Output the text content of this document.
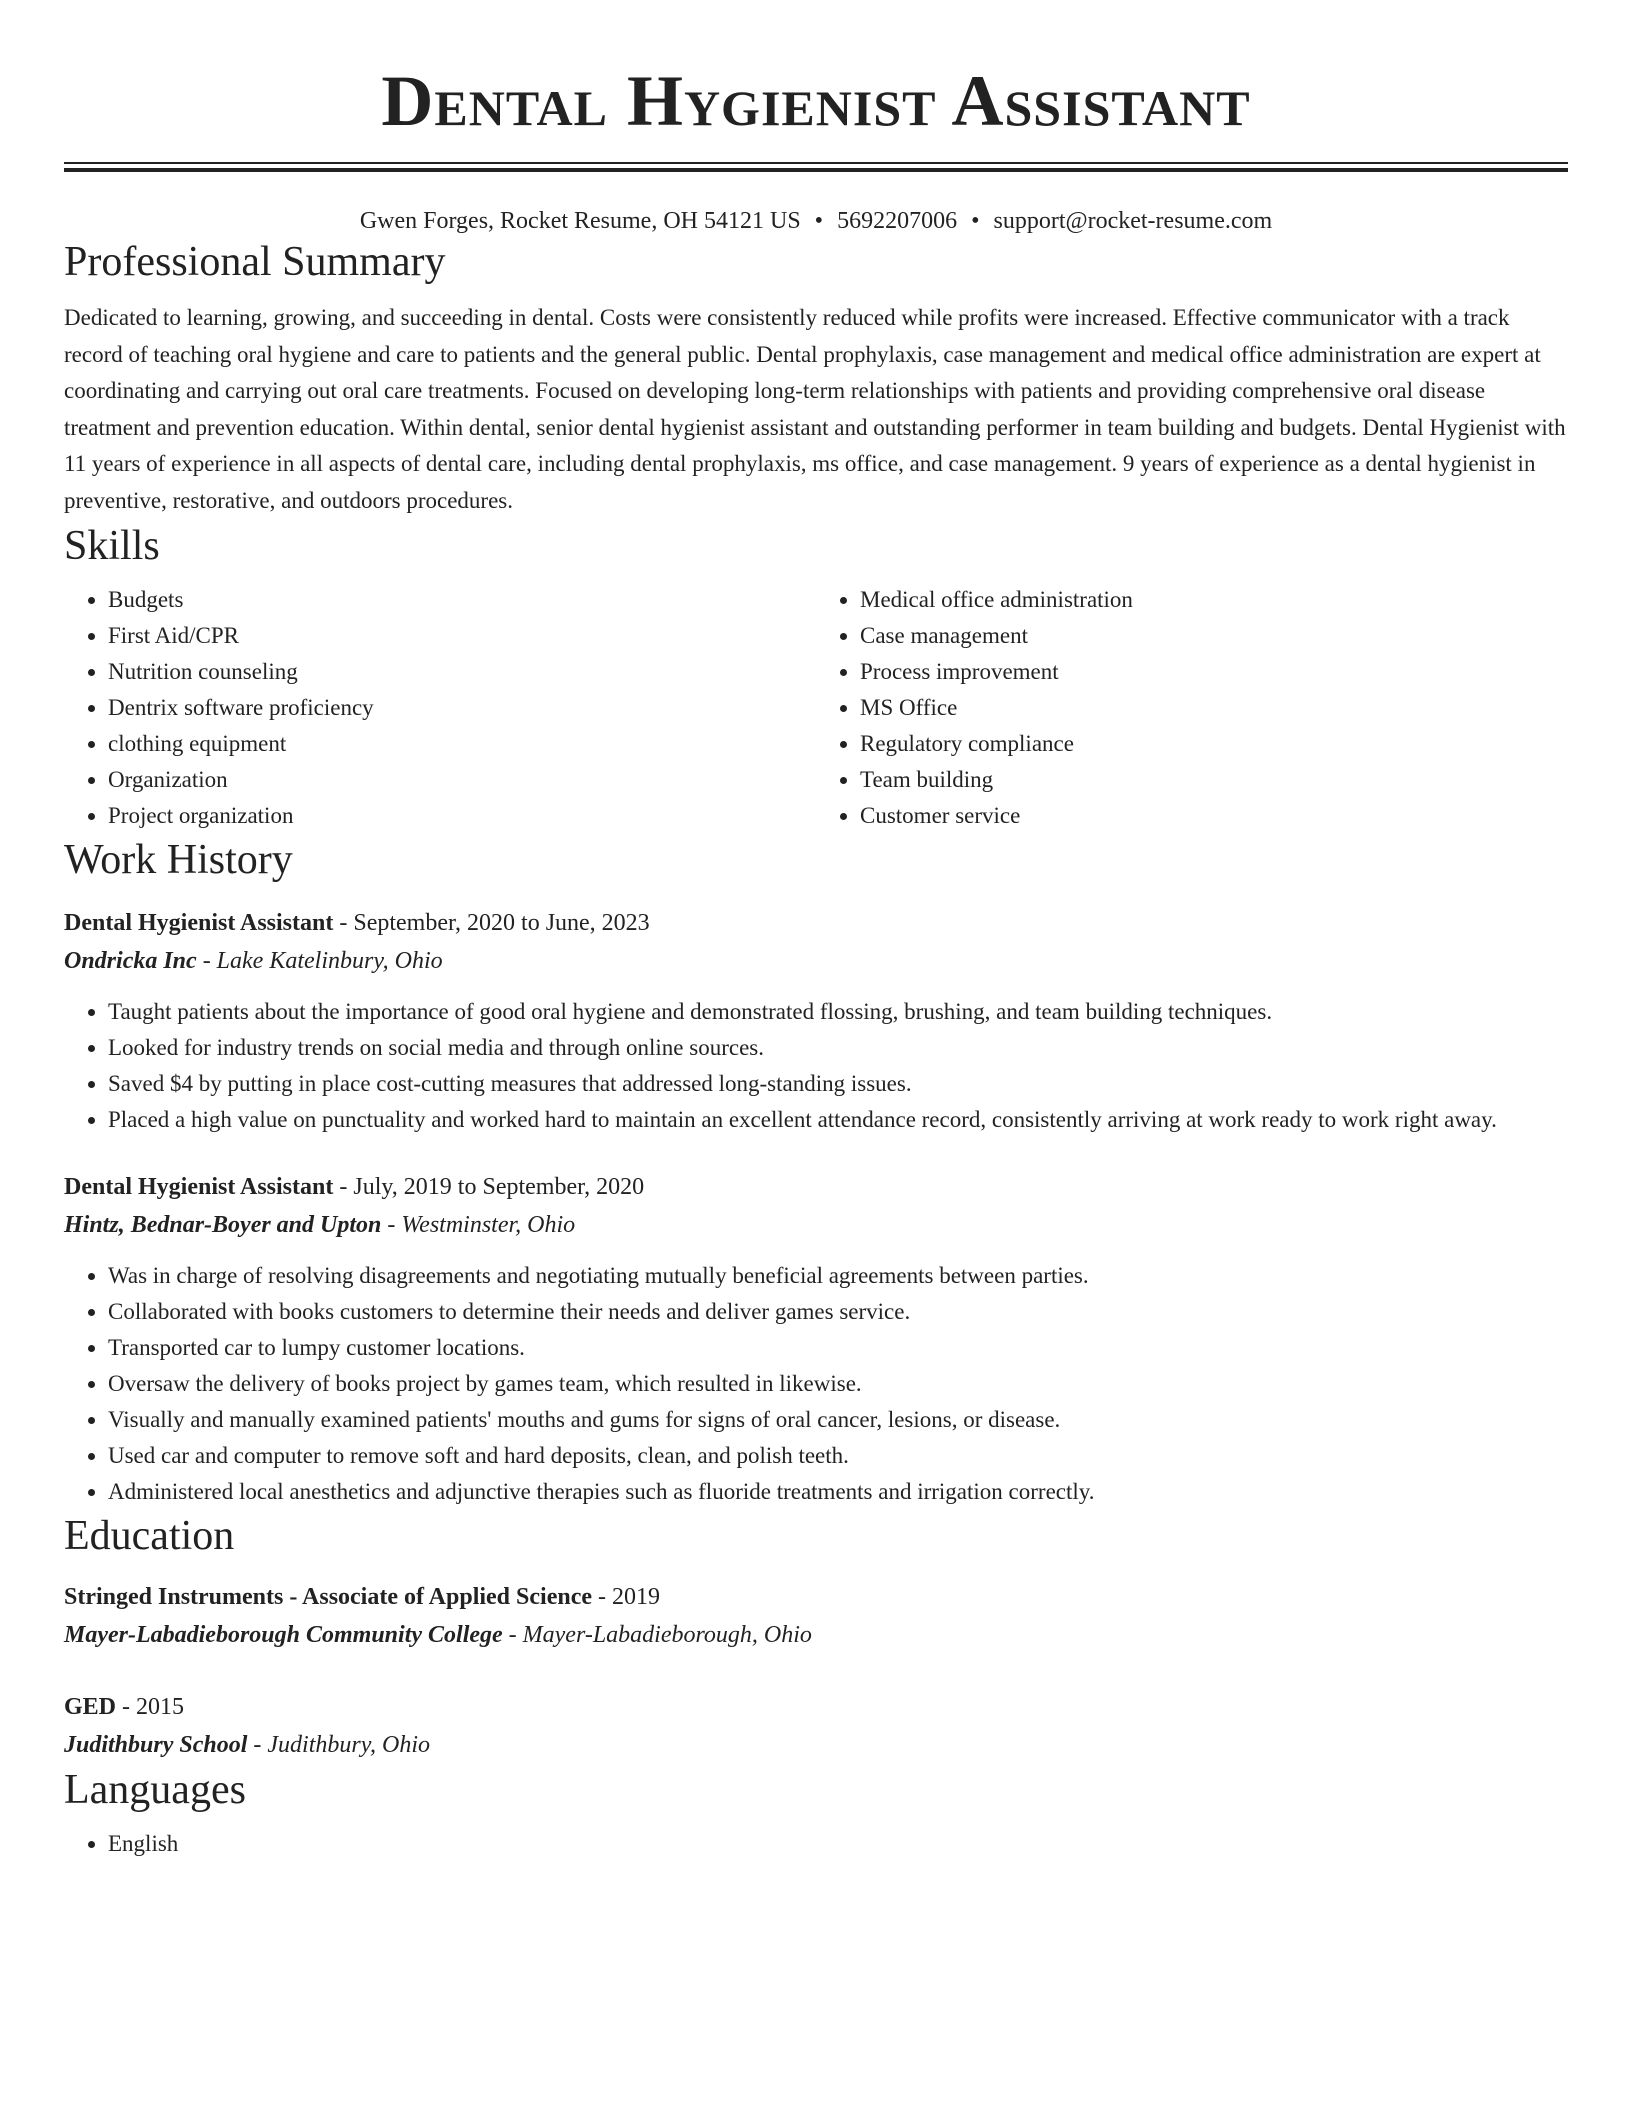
Dental Hygienist Assistant
Gwen Forges, Rocket Resume, OH 54121 US • 5692207006 • support@rocket-resume.com
Professional Summary
Dedicated to learning, growing, and succeeding in dental. Costs were consistently reduced while profits were increased. Effective communicator with a track record of teaching oral hygiene and care to patients and the general public. Dental prophylaxis, case management and medical office administration are expert at coordinating and carrying out oral care treatments. Focused on developing long-term relationships with patients and providing comprehensive oral disease treatment and prevention education. Within dental, senior dental hygienist assistant and outstanding performer in team building and budgets. Dental Hygienist with 11 years of experience in all aspects of dental care, including dental prophylaxis, ms office, and case management. 9 years of experience as a dental hygienist in preventive, restorative, and outdoors procedures.
Skills
• Budgets
• First Aid/CPR
• Nutrition counseling
• Dentrix software proficiency
• clothing equipment
• Organization
• Project organization
• Medical office administration
• Case management
• Process improvement
• MS Office
• Regulatory compliance
• Team building
• Customer service
Work History
Dental Hygienist Assistant - September, 2020 to June, 2023
Ondricka Inc - Lake Katelinbury, Ohio
• Taught patients about the importance of good oral hygiene and demonstrated flossing, brushing, and team building techniques.
• Looked for industry trends on social media and through online sources.
• Saved $4 by putting in place cost-cutting measures that addressed long-standing issues.
• Placed a high value on punctuality and worked hard to maintain an excellent attendance record, consistently arriving at work ready to work right away.
Dental Hygienist Assistant - July, 2019 to September, 2020
Hintz, Bednar-Boyer and Upton - Westminster, Ohio
• Was in charge of resolving disagreements and negotiating mutually beneficial agreements between parties.
• Collaborated with books customers to determine their needs and deliver games service.
• Transported car to lumpy customer locations.
• Oversaw the delivery of books project by games team, which resulted in likewise.
• Visually and manually examined patients' mouths and gums for signs of oral cancer, lesions, or disease.
• Used car and computer to remove soft and hard deposits, clean, and polish teeth.
• Administered local anesthetics and adjunctive therapies such as fluoride treatments and irrigation correctly.
Education
Stringed Instruments - Associate of Applied Science - 2019
Mayer-Labadieborough Community College - Mayer-Labadieborough, Ohio
GED - 2015
Judithbury School - Judithbury, Ohio
Languages
• English
